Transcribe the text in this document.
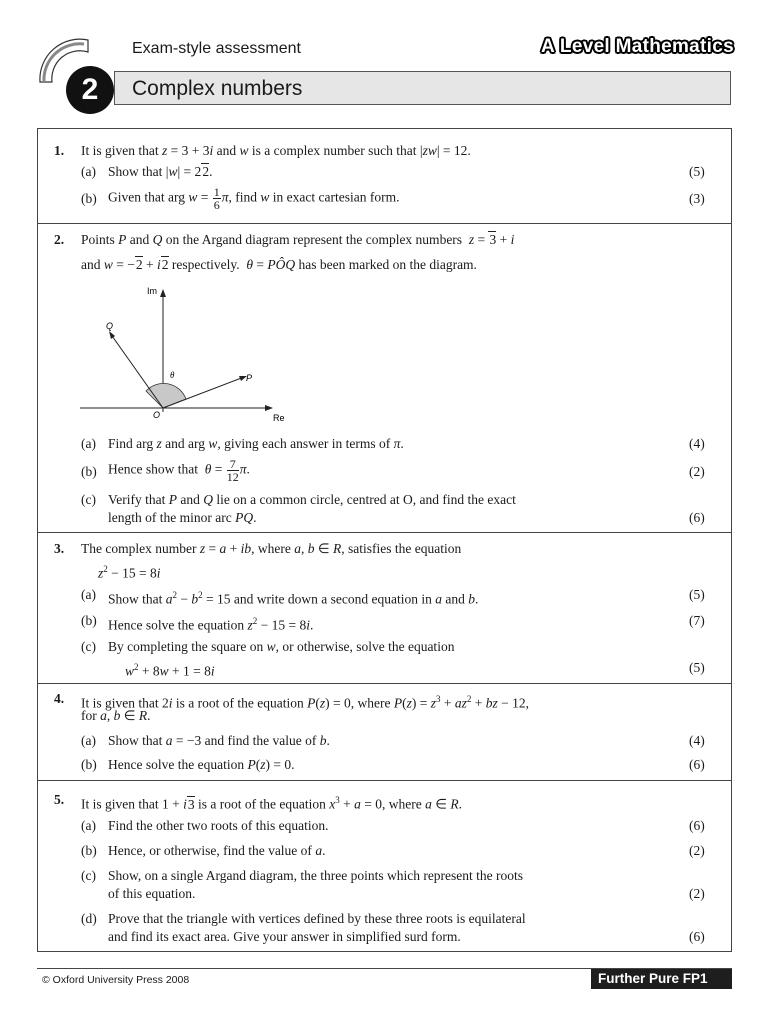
2
Exam-style assessment	A Level Mathematics
Complex numbers
1. It is given that z = 3 + 3i and w is a complex number such that |zw| = 12.
(a) Show that |w| = 22.	(5)
(b) Given that arg $w = \frac{1}{6} \pi$, find w in exact cartesian form.	(3)
2. Points P and Q on the Argand diagram represent the complex numbers  z = 3 + i
and w = −2 + i2 respectively.  θ = PÔQ has been marked on the diagram.
Im
Re
Q
P
O
θ
(a) Find arg z and arg w, giving each answer in terms of π.	(4)
(b) Hence show that  $\theta = \frac{7}{12} \pi$.	(2)
(c) Verify that P and Q lie on a common circle, centred at O, and find the exact
length of the minor arc PQ.	(6)
3. The complex number z = a + ib, where a, b ∈ R, satisfies the equation
$z^2 - 15 = 8i$
(a) Show that $a^2 - b^2 = 15$ and write down a second equation in a and b.	(5)
(b) Hence solve the equation $z^2 - 15 = 8i$.	(7)
(c) By completing the square on w, or otherwise, solve the equation
$w^2 + 8w + 1 = 8i$	(5)
4. It is given that 2i is a root of the equation P(z) = 0, where $P(z) = z^3 + az^2$ + bz − 12,
for a, b ∈ R.
(a) Show that a = −3 and find the value of b.	(4)
(b) Hence solve the equation P(z) = 0.	(6)
5. It is given that 1 + i3 is a root of the equation $x^3 + a = 0$, where a ∈ R.
(a) Find the other two roots of this equation.	(6)
(b) Hence, or otherwise, find the value of a.	(2)
(c) Show, on a single Argand diagram, the three points which represent the roots
of this equation.	(2)
(d) Prove that the triangle with vertices defined by these three roots is equilateral
and find its exact area. Give your answer in simplified surd form.	(6)
© Oxford University Press 2008	Further Pure FP1
